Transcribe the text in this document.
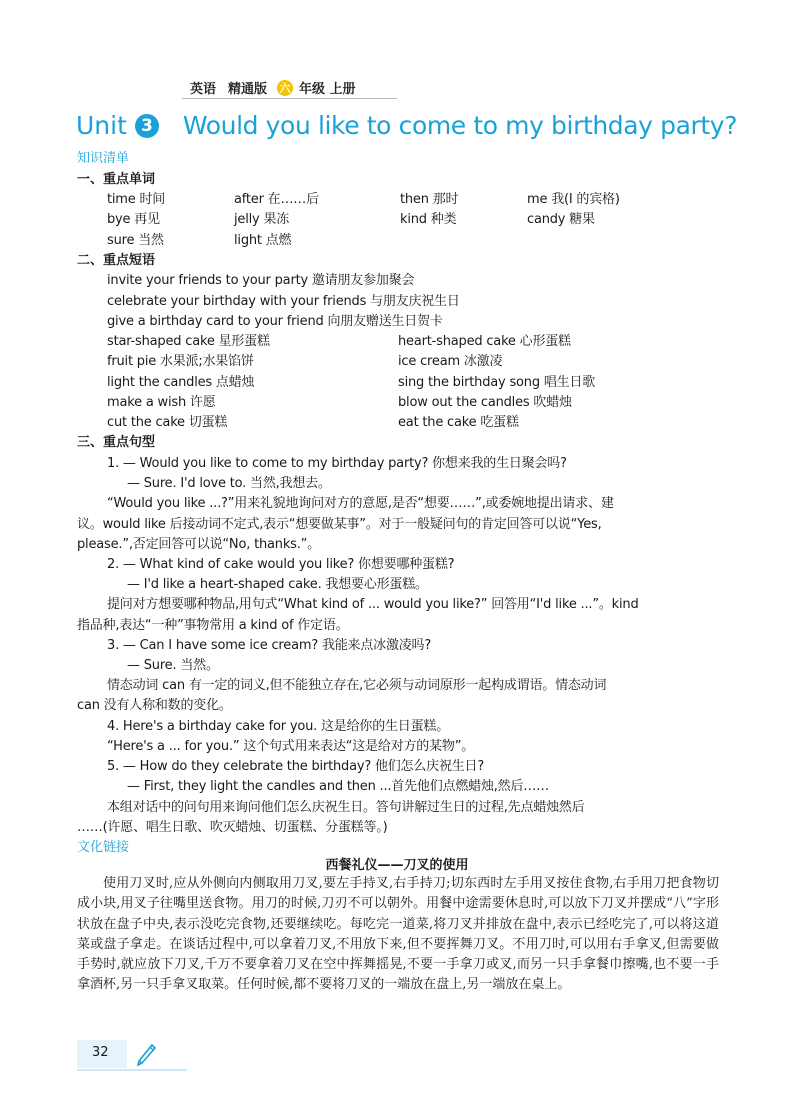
英语 精通版 六 年级 上册
Unit 3 Would you like to come to my birthday party?
知识清单
一、重点单词
time 时间	after 在……后	then 那时	me 我(I 的宾格)
bye 再见	jelly 果冻	kind 种类	candy 糖果
sure 当然	light 点燃
二、重点短语
invite your friends to your party 邀请朋友参加聚会
celebrate your birthday with your friends 与朋友庆祝生日
give a birthday card to your friend 向朋友赠送生日贺卡
star-shaped cake 星形蛋糕	heart-shaped cake 心形蛋糕
fruit pie 水果派;水果馅饼	ice cream 冰激凌
light the candles 点蜡烛	sing the birthday song 唱生日歌
make a wish 许愿	blow out the candles 吹蜡烛
cut the cake 切蛋糕	eat the cake 吃蛋糕
三、重点句型
1. — Would you like to come to my birthday party? 你想来我的生日聚会吗?
— Sure. I'd love to. 当然,我想去。
“Would you like ...?”用来礼貌地询问对方的意愿,是否“想要……”,或委婉地提出请求、建
议。would like 后接动词不定式,表示“想要做某事”。对于一般疑问句的肯定回答可以说“Yes,
please.”,否定回答可以说“No, thanks.”。
2. — What kind of cake would you like? 你想要哪种蛋糕?
— I'd like a heart-shaped cake. 我想要心形蛋糕。
提问对方想要哪种物品,用句式“What kind of ... would you like?” 回答用“I'd like ...”。kind
指品种,表达“一种”事物常用 a kind of 作定语。
3. — Can I have some ice cream? 我能来点冰激凌吗?
— Sure. 当然。
情态动词 can 有一定的词义,但不能独立存在,它必须与动词原形一起构成谓语。情态动词
can 没有人称和数的变化。
4. Here's a birthday cake for you. 这是给你的生日蛋糕。
“Here's a ... for you.” 这个句式用来表达“这是给对方的某物”。
5. — How do they celebrate the birthday? 他们怎么庆祝生日?
— First, they light the candles and then ...首先他们点燃蜡烛,然后……
本组对话中的问句用来询问他们怎么庆祝生日。答句讲解过生日的过程,先点蜡烛然后
……(许愿、唱生日歌、吹灭蜡烛、切蛋糕、分蛋糕等。)
文化链接
西餐礼仪——刀叉的使用
使用刀叉时,应从外侧向内侧取用刀叉,要左手持叉,右手持刀;切东西时左手用叉按住食物,右手用刀把食物切成小块,用叉子往嘴里送食物。用刀的时候,刀刃不可以朝外。用餐中途需要休息时,可以放下刀叉并摆成“八”字形状放在盘子中央,表示没吃完食物,还要继续吃。每吃完一道菜,将刀叉并排放在盘中,表示已经吃完了,可以将这道菜或盘子拿走。在谈话过程中,可以拿着刀叉,不用放下来,但不要挥舞刀叉。不用刀时,可以用右手拿叉,但需要做手势时,就应放下刀叉,千万不要拿着刀叉在空中挥舞摇晃,不要一手拿刀或叉,而另一只手拿餐巾擦嘴,也不要一手拿酒杯,另一只手拿叉取菜。任何时候,都不要将刀叉的一端放在盘上,另一端放在桌上。
32
